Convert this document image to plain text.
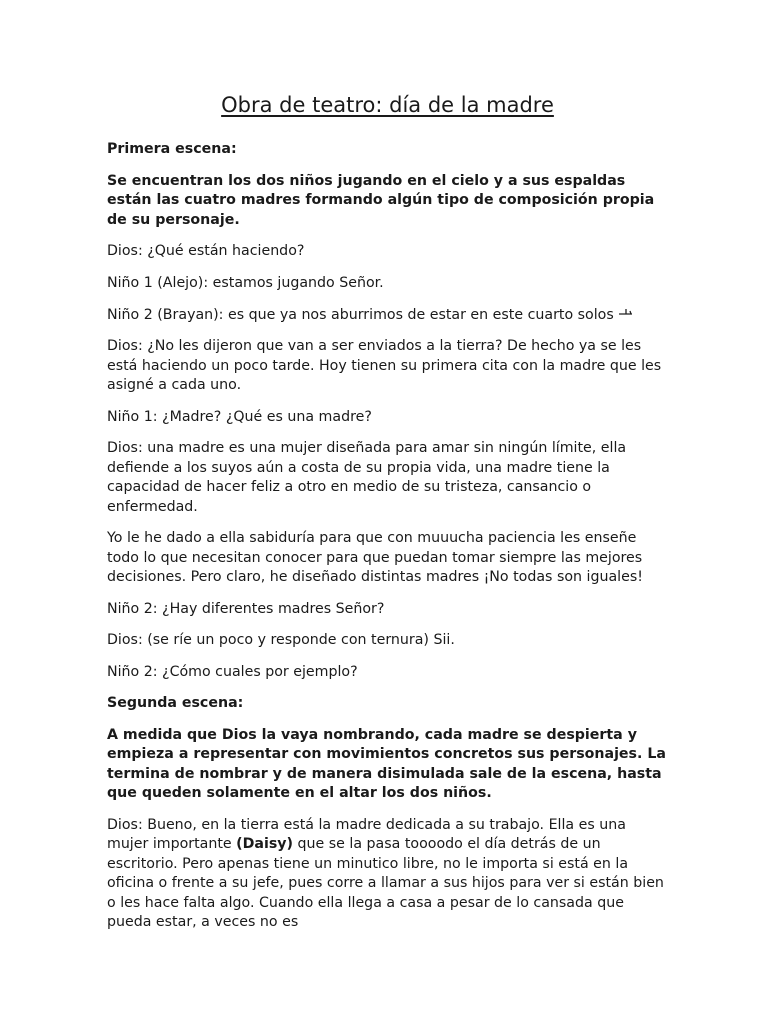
Obra de teatro: día de la madre

Primera escena:

Se encuentran los dos niños jugando en el cielo y a sus espaldas están las cuatro madres formando algún tipo de composición propia de su personaje.

Dios: ¿Qué están haciendo?

Niño 1 (Alejo): estamos jugando Señor.

Niño 2 (Brayan): es que ya nos aburrimos de estar en este cuarto solos

Dios: ¿No les dijeron que van a ser enviados a la tierra? De hecho ya se les está haciendo un poco tarde. Hoy tienen su primera cita con la madre que les asigné a cada uno.

Niño 1: ¿Madre? ¿Qué es una madre?

Dios: una madre es una mujer diseñada para amar sin ningún límite, ella defiende a los suyos aún a costa de su propia vida, una madre tiene la capacidad de hacer feliz a otro en medio de su tristeza, cansancio o enfermedad.

Yo le he dado a ella sabiduría para que con muuucha paciencia les enseñe todo lo que necesitan conocer para que puedan tomar siempre las mejores decisiones. Pero claro, he diseñado distintas madres ¡No todas son iguales!

Niño 2: ¿Hay diferentes madres Señor?

Dios: (se ríe un poco y responde con ternura) Sii.

Niño 2: ¿Cómo cuales por ejemplo?

Segunda escena:

A medida que Dios la vaya nombrando, cada madre se despierta y empieza a representar con movimientos concretos sus personajes. La termina de nombrar y de manera disimulada sale de la escena, hasta que queden solamente en el altar los dos niños.

Dios: Bueno, en la tierra está la madre dedicada a su trabajo. Ella es una mujer importante (Daisy) que se la pasa tooood​o el día detrás de un escritorio. Pero apenas tiene un minutico libre, no le importa si está en la oficina o frente a su jefe, pues corre a llamar a sus hijos para ver si están bien o les hace falta algo. Cuando ella llega a casa a pesar de lo cansada que pueda estar, a veces no es
